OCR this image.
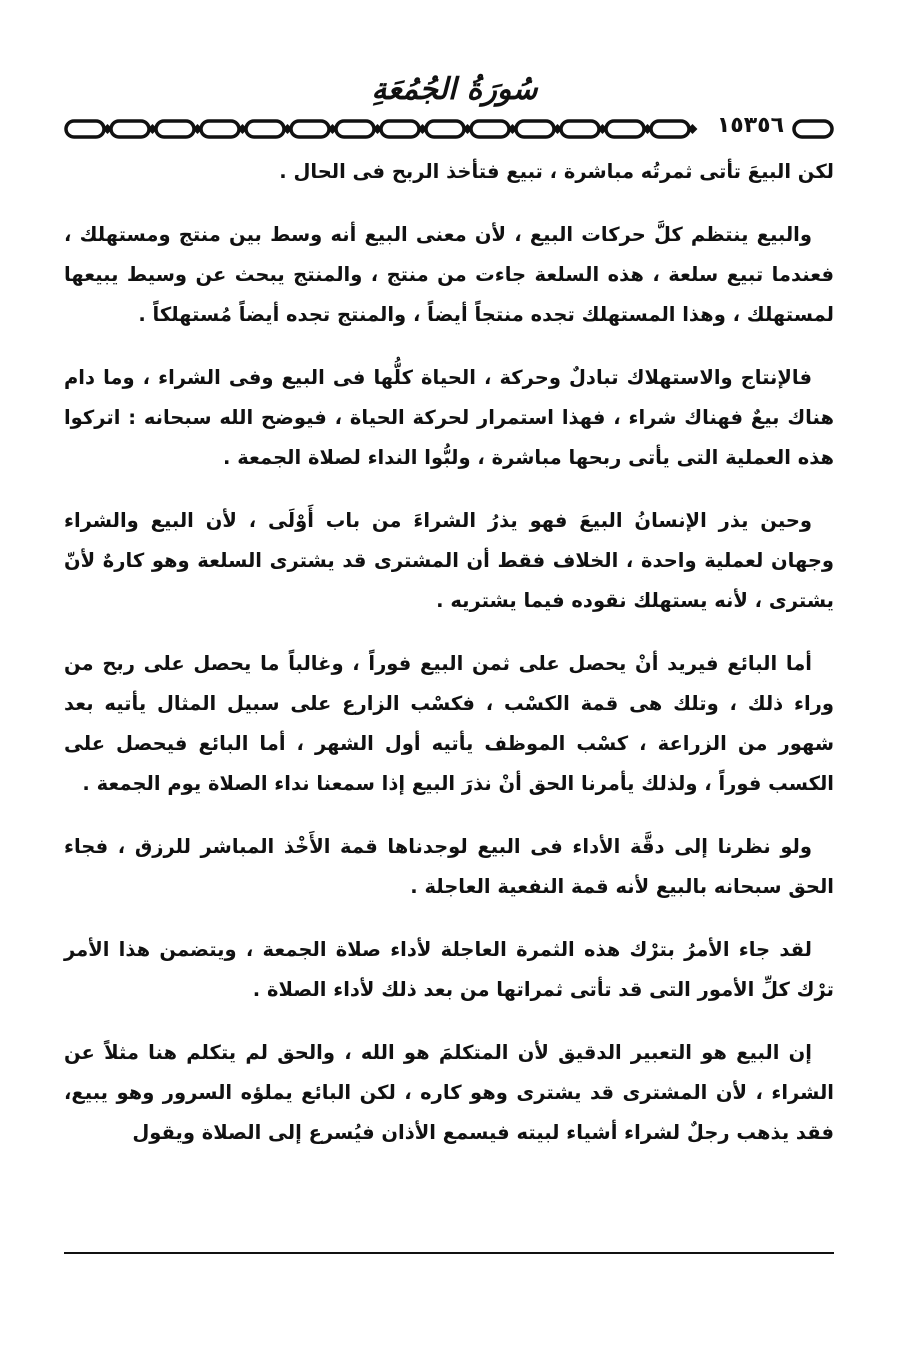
سُورَةُ الجُمُعَةِ
١٥٣٥٦

لكن البيعَ تأتى ثمرتُه مباشرة ، تبيع فتأخذ الربح فى الحال .

والبيع ينتظم كلَّ حركات البيع ، لأن معنى البيع أنه وسط بين منتج ومستهلك ، فعندما تبيع سلعة ، هذه السلعة جاءت من منتج ، والمنتج يبحث عن وسيط يبيعها لمستهلك ، وهذا المستهلك تجده منتجاً أيضاً ، والمنتج تجده أيضاً مُستهلكاً .

فالإنتاج والاستهلاك تبادلٌ وحركة ، الحياة كلُّها فى البيع وفى الشراء ، وما دام هناك بيعٌ فهناك شراء ، فهذا استمرار لحركة الحياة ، فيوضح الله سبحانه : اتركوا هذه العملية التى يأتى ربحها مباشرة ، ولبُّوا النداء لصلاة الجمعة .

وحين يذر الإنسانُ البيعَ فهو يذرُ الشراءَ من باب أَوْلَى ، لأن البيع والشراء وجهان لعملية واحدة ، الخلاف فقط أن المشترى قد يشترى السلعة وهو كارهٌ لأنّ يشترى ، لأنه يستهلك نقوده فيما يشتريه .

أما البائع فيريد أنْ يحصل على ثمن البيع فوراً ، وغالباً ما يحصل على ربح من وراء ذلك ، وتلك هى قمة الكسْب ، فكسْب الزارع على سبيل المثال يأتيه بعد شهور من الزراعة ، كسْب الموظف يأتيه أول الشهر ، أما البائع فيحصل على الكسب فوراً ، ولذلك يأمرنا الحق أنْ نذرَ البيع إذا سمعنا نداء الصلاة يوم الجمعة .

ولو نظرنا إلى دقَّة الأداء فى البيع لوجدناها قمة الأَخْذ المباشر للرزق ، فجاء الحق سبحانه بالبيع لأنه قمة النفعية العاجلة .

لقد جاء الأمرُ بترْك هذه الثمرة العاجلة لأداء صلاة الجمعة ، ويتضمن هذا الأمر ترْك كلِّ الأمور التى قد تأتى ثمراتها من بعد ذلك لأداء الصلاة .

إن البيع هو التعبير الدقيق لأن المتكلمَ هو الله ، والحق لم يتكلم هنا مثلاً عن الشراء ، لأن المشترى قد يشترى وهو كاره ، لكن البائع يملؤه السرور وهو يبيع، فقد يذهب رجلٌ لشراء أشياء لبيته فيسمع الأذان فيُسرع إلى الصلاة ويقول
